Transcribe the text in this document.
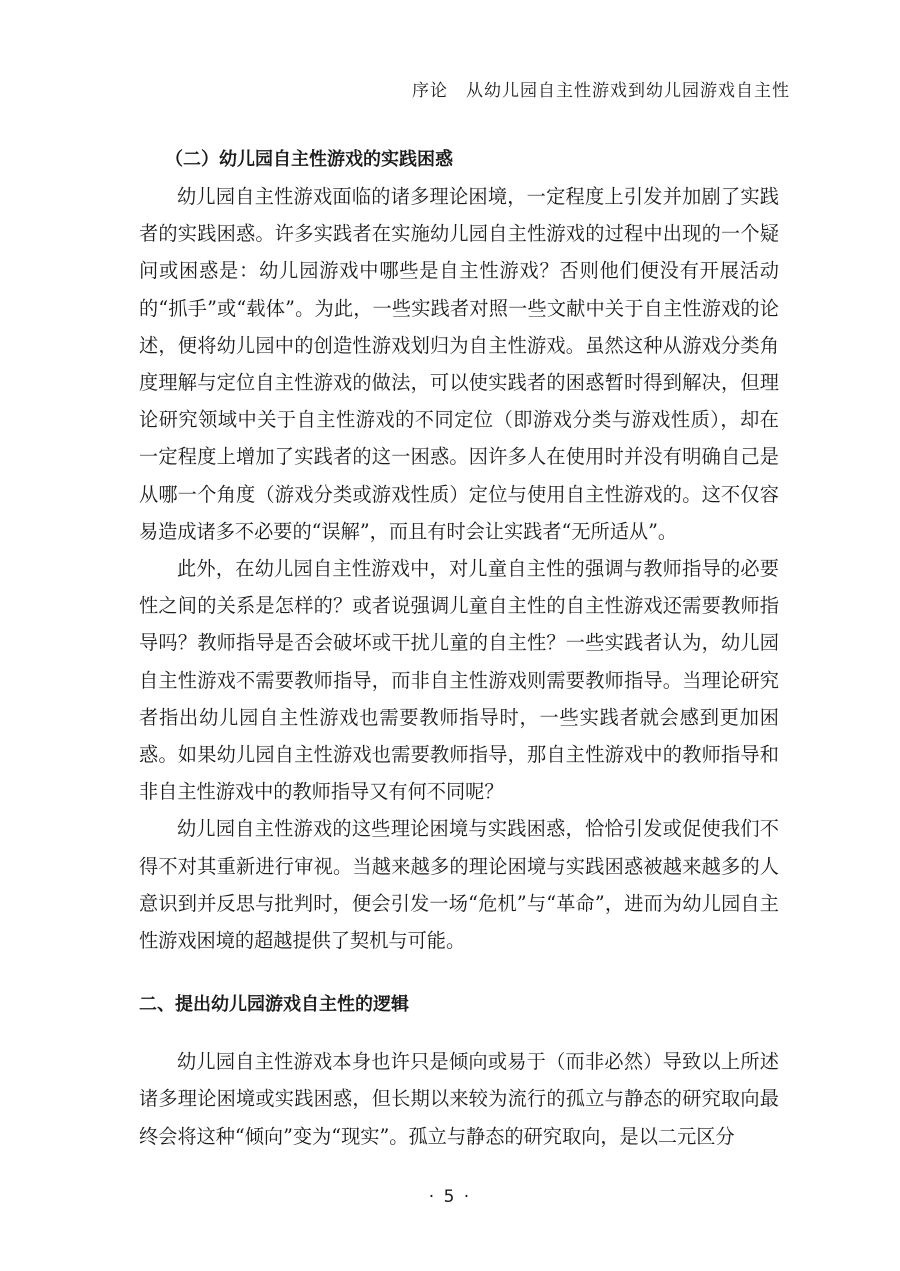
序论　从幼儿园自主性游戏到幼儿园游戏自主性

（二）幼儿园自主性游戏的实践困惑

幼儿园自主性游戏面临的诸多理论困境，一定程度上引发并加剧了实践者的实践困惑。许多实践者在实施幼儿园自主性游戏的过程中出现的一个疑问或困惑是：幼儿园游戏中哪些是自主性游戏？否则他们便没有开展活动的“抓手”或“载体”。为此，一些实践者对照一些文献中关于自主性游戏的论述，便将幼儿园中的创造性游戏划归为自主性游戏。虽然这种从游戏分类角度理解与定位自主性游戏的做法，可以使实践者的困惑暂时得到解决，但理论研究领域中关于自主性游戏的不同定位（即游戏分类与游戏性质），却在一定程度上增加了实践者的这一困惑。因许多人在使用时并没有明确自己是从哪一个角度（游戏分类或游戏性质）定位与使用自主性游戏的。这不仅容易造成诸多不必要的“误解”，而且有时会让实践者“无所适从”。

此外，在幼儿园自主性游戏中，对儿童自主性的强调与教师指导的必要性之间的关系是怎样的？或者说强调儿童自主性的自主性游戏还需要教师指导吗？教师指导是否会破坏或干扰儿童的自主性？一些实践者认为，幼儿园自主性游戏不需要教师指导，而非自主性游戏则需要教师指导。当理论研究者指出幼儿园自主性游戏也需要教师指导时，一些实践者就会感到更加困惑。如果幼儿园自主性游戏也需要教师指导，那自主性游戏中的教师指导和非自主性游戏中的教师指导又有何不同呢？

幼儿园自主性游戏的这些理论困境与实践困惑，恰恰引发或促使我们不得不对其重新进行审视。当越来越多的理论困境与实践困惑被越来越多的人意识到并反思与批判时，便会引发一场“危机”与“革命”，进而为幼儿园自主性游戏困境的超越提供了契机与可能。

二、提出幼儿园游戏自主性的逻辑

幼儿园自主性游戏本身也许只是倾向或易于（而非必然）导致以上所述诸多理论困境或实践困惑，但长期以来较为流行的孤立与静态的研究取向最终会将这种“倾向”变为“现实”。孤立与静态的研究取向，是以二元区分

· 5 ·
